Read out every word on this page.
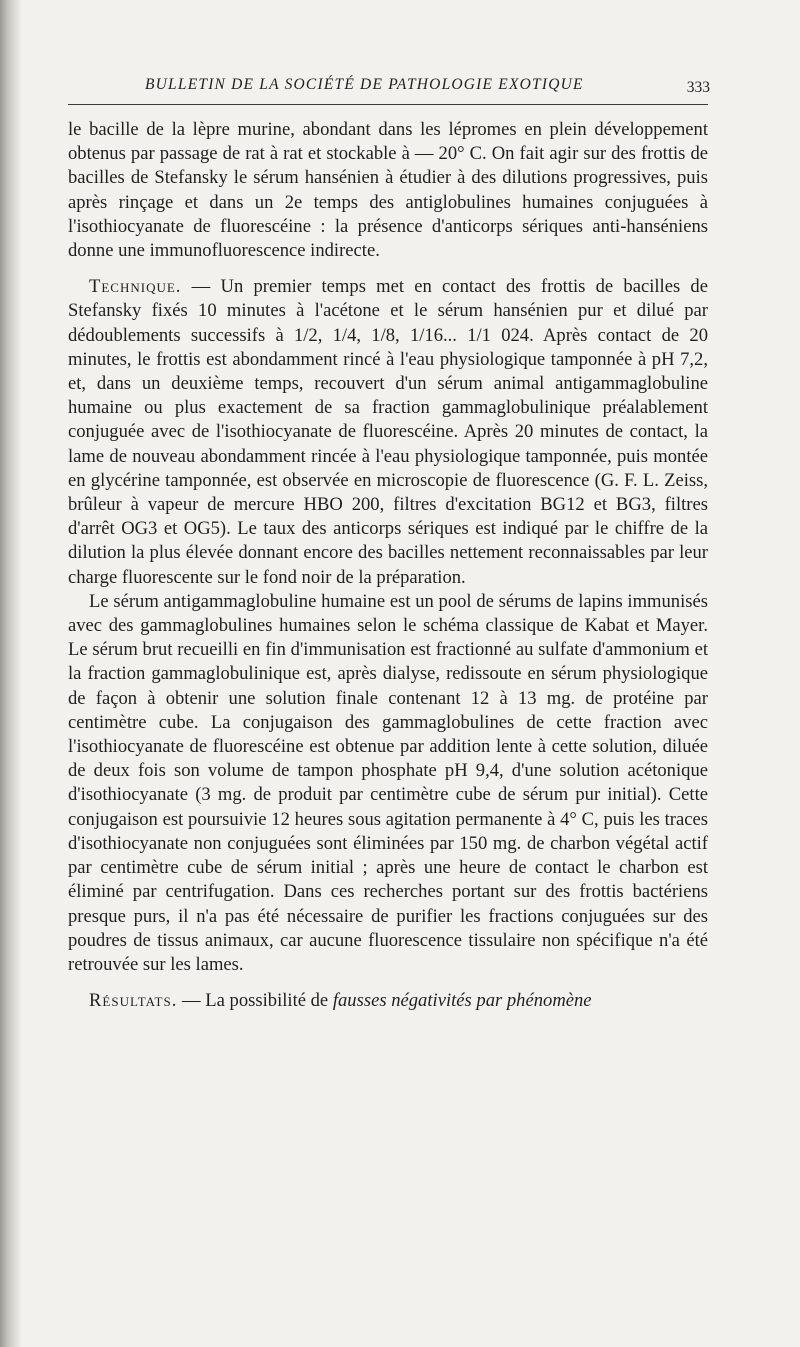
BULLETIN DE LA SOCIÉTÉ DE PATHOLOGIE EXOTIQUE	333

le bacille de la lèpre murine, abondant dans les lépromes en plein développement obtenus par passage de rat à rat et stockable à — 20° C. On fait agir sur des frottis de bacilles de Stefansky le sérum hansénien à étudier à des dilutions progressives, puis après rinçage et dans un 2e temps des antiglobulines humaines conjuguées à l'isothiocyanate de fluorescéine : la présence d'anticorps sériques anti-hanséniens donne une immunofluorescence indirecte.

Technique. — Un premier temps met en contact des frottis de bacilles de Stefansky fixés 10 minutes à l'acétone et le sérum hansénien pur et dilué par dédoublements successifs à 1/2, 1/4, 1/8, 1/16... 1/1 024. Après contact de 20 minutes, le frottis est abondamment rincé à l'eau physiologique tamponnée à pH 7,2, et, dans un deuxième temps, recouvert d'un sérum animal antigammaglobuline humaine ou plus exactement de sa fraction gammaglobulinique préalablement conjuguée avec de l'isothiocyanate de fluorescéine. Après 20 minutes de contact, la lame de nouveau abondamment rincée à l'eau physiologique tamponnée, puis montée en glycérine tamponnée, est observée en microscopie de fluorescence (G. F. L. Zeiss, brûleur à vapeur de mercure HBO 200, filtres d'excitation BG12 et BG3, filtres d'arrêt OG3 et OG5). Le taux des anticorps sériques est indiqué par le chiffre de la dilution la plus élevée donnant encore des bacilles nettement reconnaissables par leur charge fluorescente sur le fond noir de la préparation.

Le sérum antigammaglobuline humaine est un pool de sérums de lapins immunisés avec des gammaglobulines humaines selon le schéma classique de Kabat et Mayer. Le sérum brut recueilli en fin d'immunisation est fractionné au sulfate d'ammonium et la fraction gammaglobulinique est, après dialyse, redissoute en sérum physiologique de façon à obtenir une solution finale contenant 12 à 13 mg. de protéine par centimètre cube. La conjugaison des gammaglobulines de cette fraction avec l'isothiocyanate de fluorescéine est obtenue par addition lente à cette solution, diluée de deux fois son volume de tampon phosphate pH 9,4, d'une solution acétonique d'isothiocyanate (3 mg. de produit par centimètre cube de sérum pur initial). Cette conjugaison est poursuivie 12 heures sous agitation permanente à 4° C, puis les traces d'isothiocyanate non conjuguées sont éliminées par 150 mg. de charbon végétal actif par centimètre cube de sérum initial ; après une heure de contact le charbon est éliminé par centrifugation. Dans ces recherches portant sur des frottis bactériens presque purs, il n'a pas été nécessaire de purifier les fractions conjuguées sur des poudres de tissus animaux, car aucune fluorescence tissulaire non spécifique n'a été retrouvée sur les lames.

Résultats. — La possibilité de fausses négativités par phénomène
